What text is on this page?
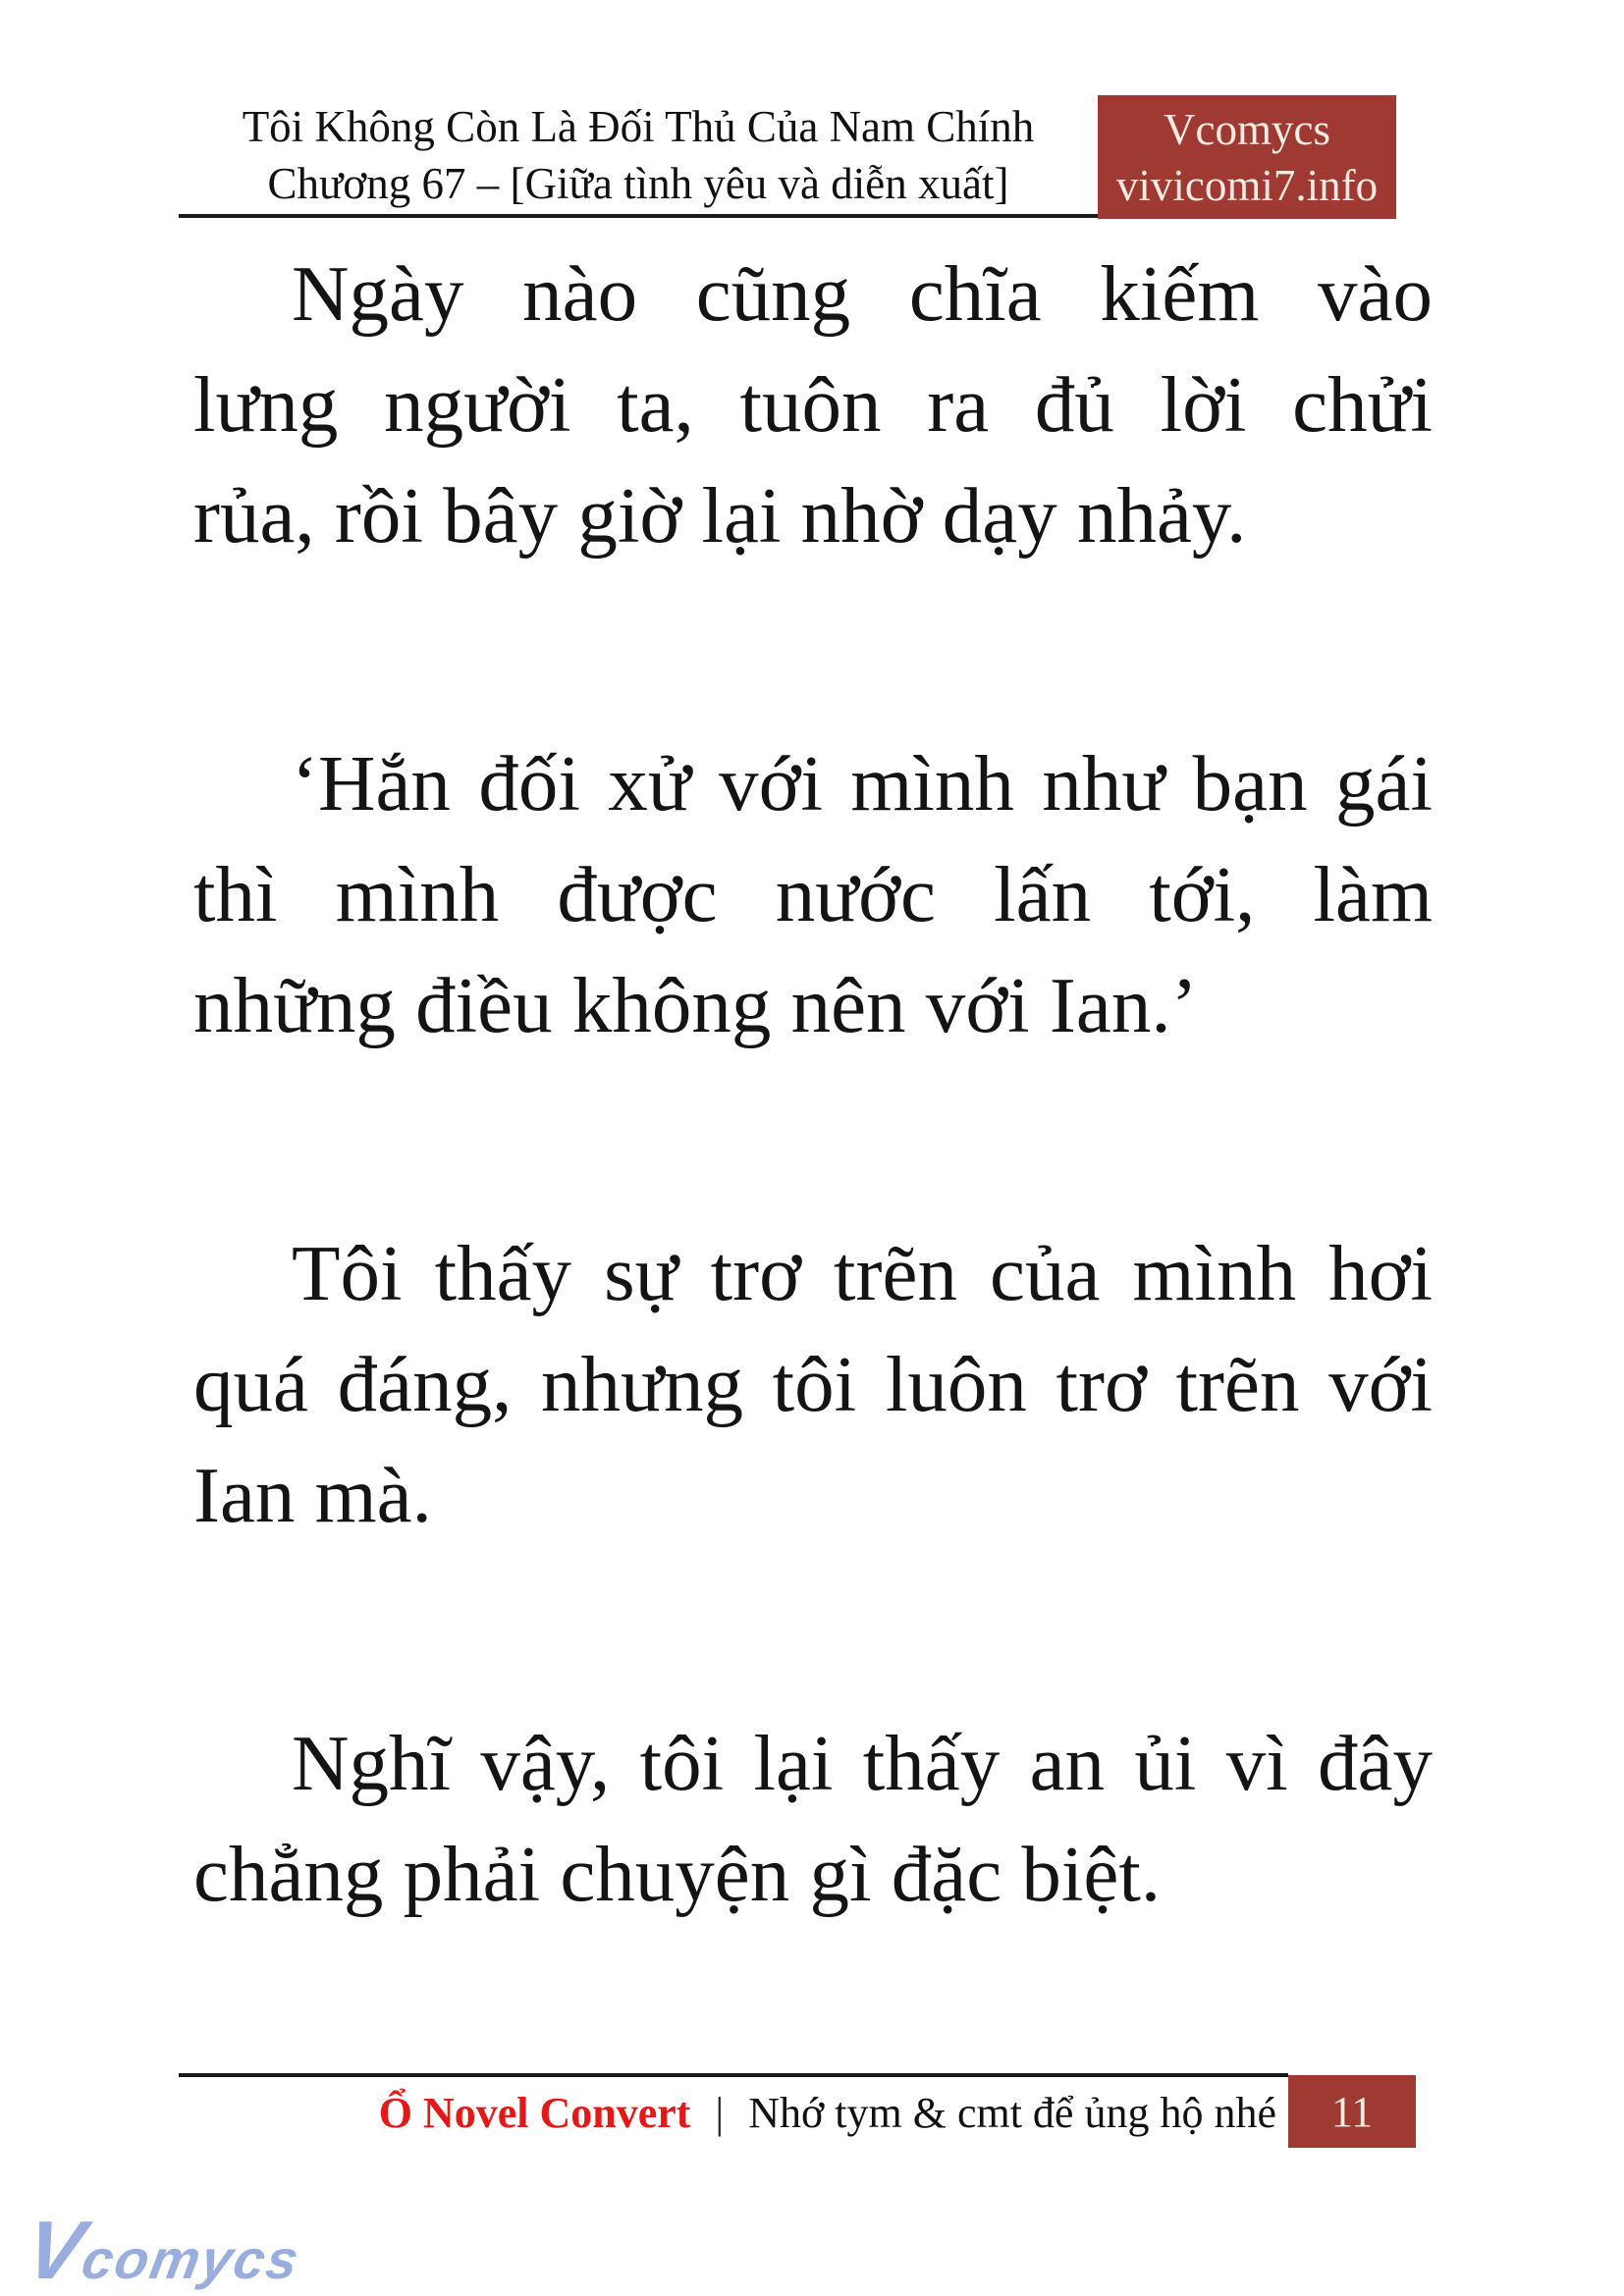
Tôi Không Còn Là Đối Thủ Của Nam Chính
Chương 67 – [Giữa tình yêu và diễn xuất]
Vcomycs
vivicomi7.info

Ngày nào cũng chĩa kiếm vào
lưng người ta, tuôn ra đủ lời chửi
rủa, rồi bây giờ lại nhờ dạy nhảy.

‘Hắn đối xử với mình như bạn gái
thì mình được nước lấn tới, làm
những điều không nên với Ian.’

Tôi thấy sự trơ trẽn của mình hơi
quá đáng, nhưng tôi luôn trơ trẽn với
Ian mà.

Nghĩ vậy, tôi lại thấy an ủi vì đây
chẳng phải chuyện gì đặc biệt.

Ổ Novel Convert | Nhớ tym & cmt để ủng hộ nhé 11
Vcomycs
